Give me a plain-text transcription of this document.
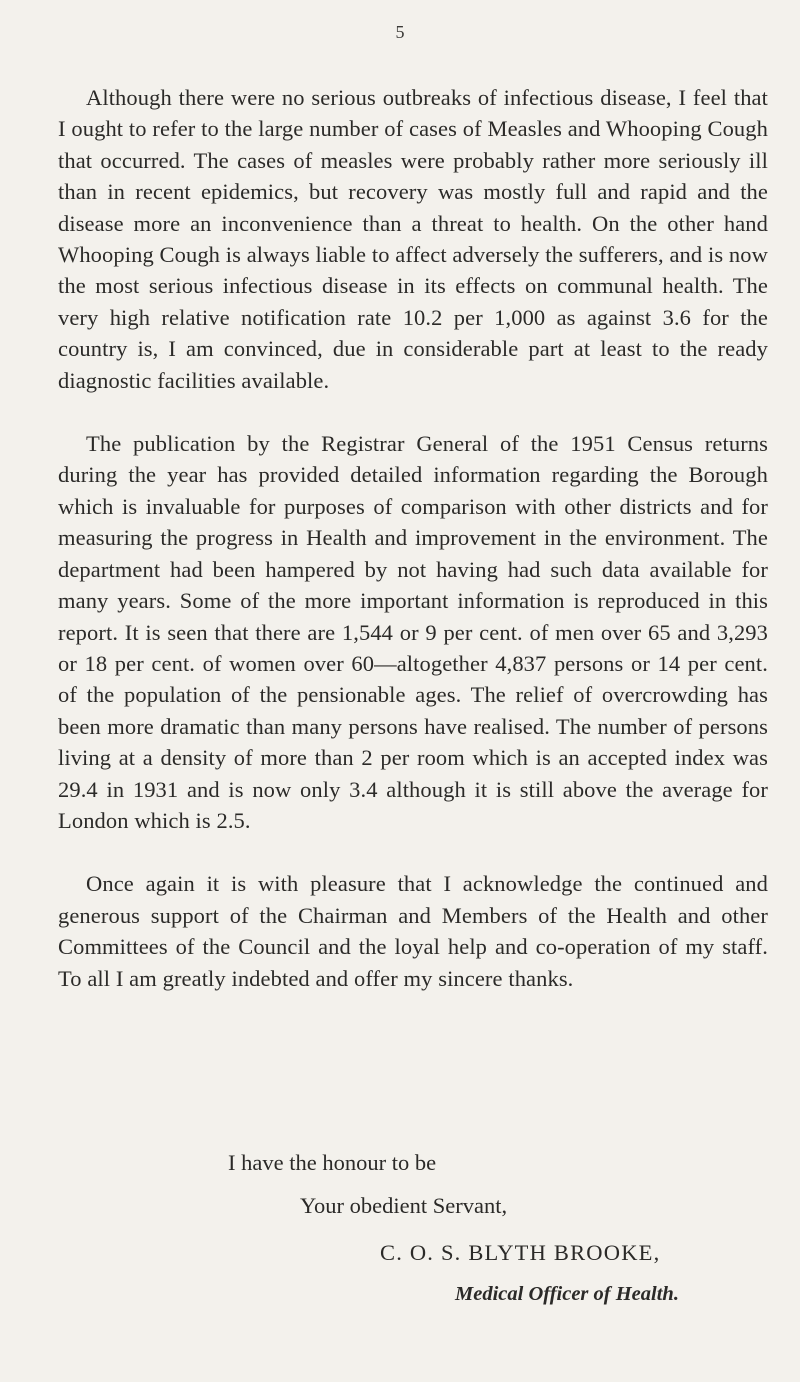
5

Although there were no serious outbreaks of infectious disease, I feel that I ought to refer to the large number of cases of Measles and Whooping Cough that occurred. The cases of measles were probably rather more seriously ill than in recent epidemics, but recovery was mostly full and rapid and the disease more an inconvenience than a threat to health. On the other hand Whooping Cough is always liable to affect adversely the sufferers, and is now the most serious infectious disease in its effects on communal health. The very high relative notification rate 10.2 per 1,000 as against 3.6 for the country is, I am convinced, due in considerable part at least to the ready diagnostic facilities available.

The publication by the Registrar General of the 1951 Census returns during the year has provided detailed information regarding the Borough which is invaluable for purposes of comparison with other districts and for measuring the progress in Health and improvement in the environment. The department had been hampered by not having had such data available for many years. Some of the more important information is reproduced in this report. It is seen that there are 1,544 or 9 per cent. of men over 65 and 3,293 or 18 per cent. of women over 60—altogether 4,837 persons or 14 per cent. of the population of the pensionable ages. The relief of overcrowding has been more dramatic than many persons have realised. The number of persons living at a density of more than 2 per room which is an accepted index was 29.4 in 1931 and is now only 3.4 although it is still above the average for London which is 2.5.

Once again it is with pleasure that I acknowledge the continued and generous support of the Chairman and Members of the Health and other Committees of the Council and the loyal help and co-operation of my staff. To all I am greatly indebted and offer my sincere thanks.

I have the honour to be
Your obedient Servant,
C. O. S. BLYTH BROOKE,
Medical Officer of Health.
